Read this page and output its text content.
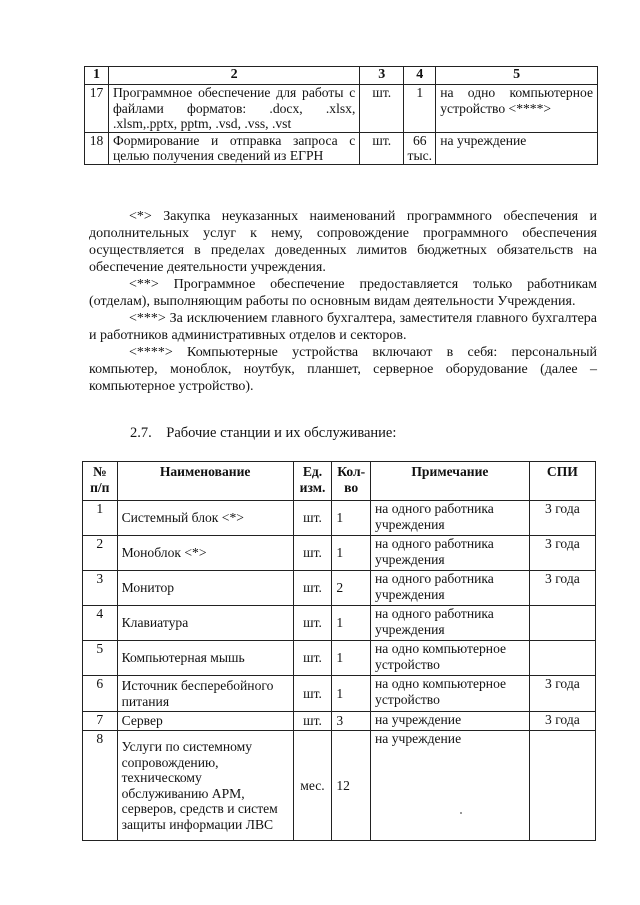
1	2	3	4	5
17	Программное обеспечение для работы с файлами форматов: .docx, .xlsx, .xlsm,.pptx, pptm, .vsd, .vss, .vst	шт.	1	на одно компьютерное устройство <****>
18	Формирование и отправка запроса с целью получения сведений из ЕГРН	шт.	66 тыс.	на учреждение

<*> Закупка неуказанных наименований программного обеспечения и дополнительных услуг к нему, сопровождение программного обеспечения осуществляется в пределах доведенных лимитов бюджетных обязательств на обеспечение деятельности учреждения.

<**> Программное обеспечение предоставляется только работникам (отделам), выполняющим работы по основным видам деятельности Учреждения.

<***> За исключением главного бухгалтера, заместителя главного бухгалтера и работников административных отделов и секторов.

<****> Компьютерные устройства включают в себя: персональный компьютер, моноблок, ноутбук, планшет, серверное оборудование (далее – компьютерное устройство).

2.7.    Рабочие станции и их обслуживание:
№ п/п	Наименование	Ед. изм.	Кол-во	Примечание	СПИ
1	Системный блок <*>	шт.	1	на одного работника учреждения	3 года
2	Моноблок <*>	шт.	1	на одного работника учреждения	3 года
3	Монитор	шт.	2	на одного работника учреждения	3 года
4	Клавиатура	шт.	1	на одного работника учреждения	
5	Компьютерная мышь	шт.	1	на одно компьютерное устройство	
6	Источник бесперебойного питания	шт.	1	на одно компьютерное устройство	3 года
7	Сервер	шт.	3	на учреждение	3 года
8	Услуги по системному сопровождению, техническому обслуживанию АРМ, серверов, средств и систем защиты информации ЛВС	мес.	12	на учреждение	
